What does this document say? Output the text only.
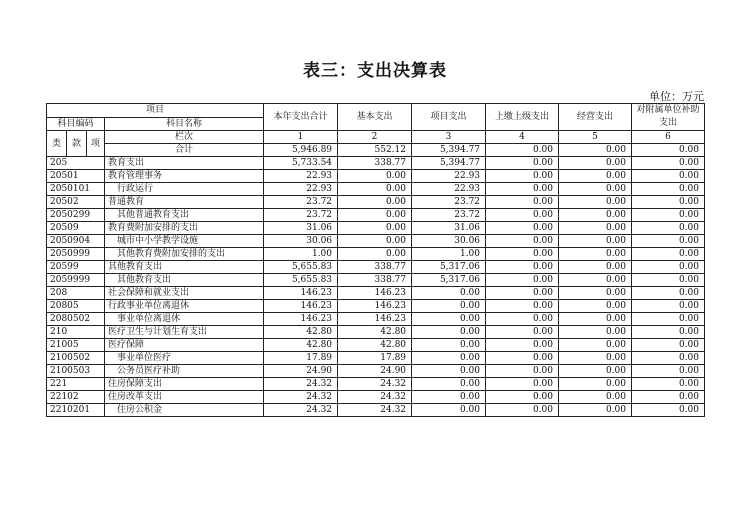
表三：支出决算表
单位：万元
项目				本年支出合计	基本支出	项目支出	上缴上级支出	经营支出	对附属单位补助支出
科目编码			科目名称						
类	款	项	栏次	1	2	3	4	5	6
			合计	5,946.89	552.12	5,394.77	0.00	0.00	0.00
205			教育支出	5,733.54	338.77	5,394.77	0.00	0.00	0.00
20501			教育管理事务	22.93	0.00	22.93	0.00	0.00	0.00
2050101			行政运行	22.93	0.00	22.93	0.00	0.00	0.00
20502			普通教育	23.72	0.00	23.72	0.00	0.00	0.00
2050299			其他普通教育支出	23.72	0.00	23.72	0.00	0.00	0.00
20509			教育费附加安排的支出	31.06	0.00	31.06	0.00	0.00	0.00
2050904			城市中小学教学设施	30.06	0.00	30.06	0.00	0.00	0.00
2050999			其他教育费附加安排的支出	1.00	0.00	1.00	0.00	0.00	0.00
20599			其他教育支出	5,655.83	338.77	5,317.06	0.00	0.00	0.00
2059999			其他教育支出	5,655.83	338.77	5,317.06	0.00	0.00	0.00
208			社会保障和就业支出	146.23	146.23	0.00	0.00	0.00	0.00
20805			行政事业单位离退休	146.23	146.23	0.00	0.00	0.00	0.00
2080502			事业单位离退休	146.23	146.23	0.00	0.00	0.00	0.00
210			医疗卫生与计划生育支出	42.80	42.80	0.00	0.00	0.00	0.00
21005			医疗保障	42.80	42.80	0.00	0.00	0.00	0.00
2100502			事业单位医疗	17.89	17.89	0.00	0.00	0.00	0.00
2100503			公务员医疗补助	24.90	24.90	0.00	0.00	0.00	0.00
221			住房保障支出	24.32	24.32	0.00	0.00	0.00	0.00
22102			住房改革支出	24.32	24.32	0.00	0.00	0.00	0.00
2210201			住房公积金	24.32	24.32	0.00	0.00	0.00	0.00
